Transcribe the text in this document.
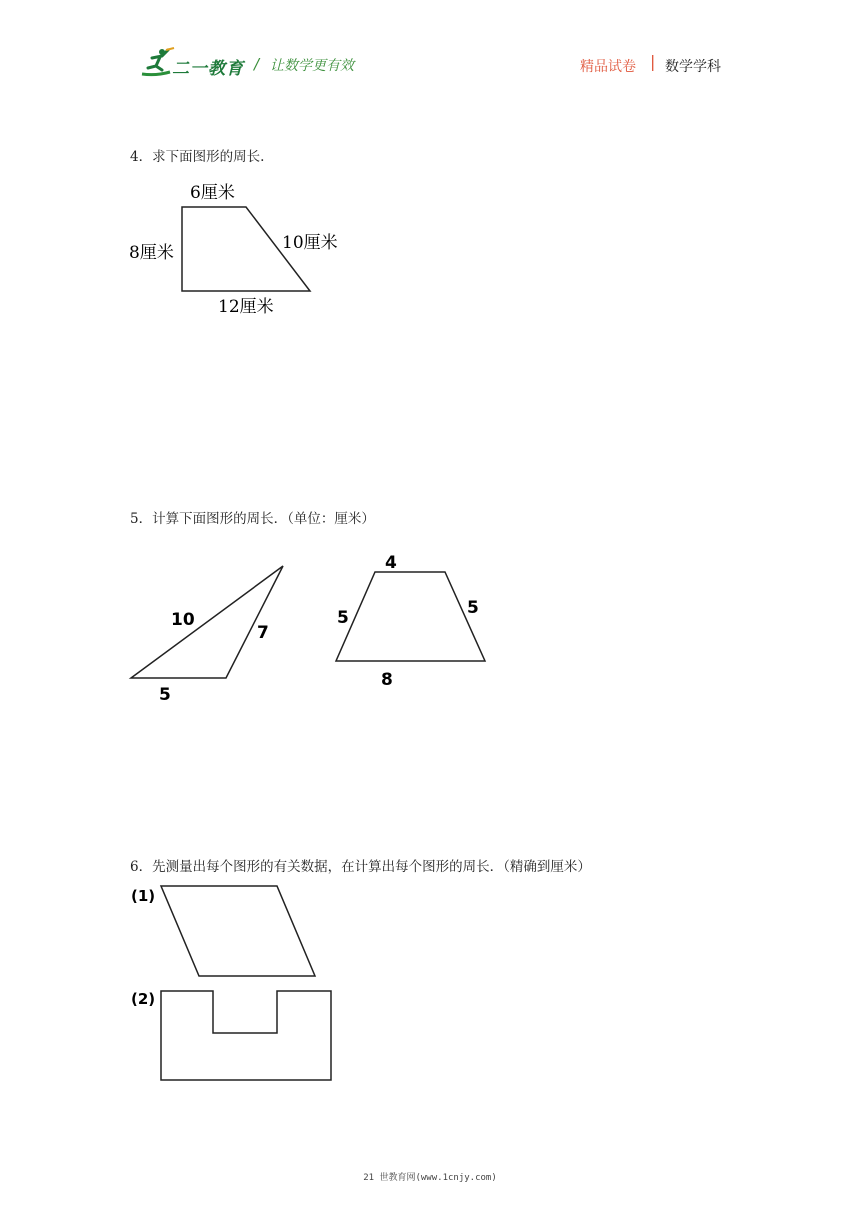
二一教育 / 让数学更有效	精品试卷 | 数学学科
4．求下面图形的周长.
6厘米
8厘米	10厘米
12厘米
5．计算下面图形的周长．（单位：厘米）
10
7
5
4
5	5
8
6．先测量出每个图形的有关数据，在计算出每个图形的周长．（精确到厘米）
(1)
(2)
21 世教育网(www.1cnjy.com)
